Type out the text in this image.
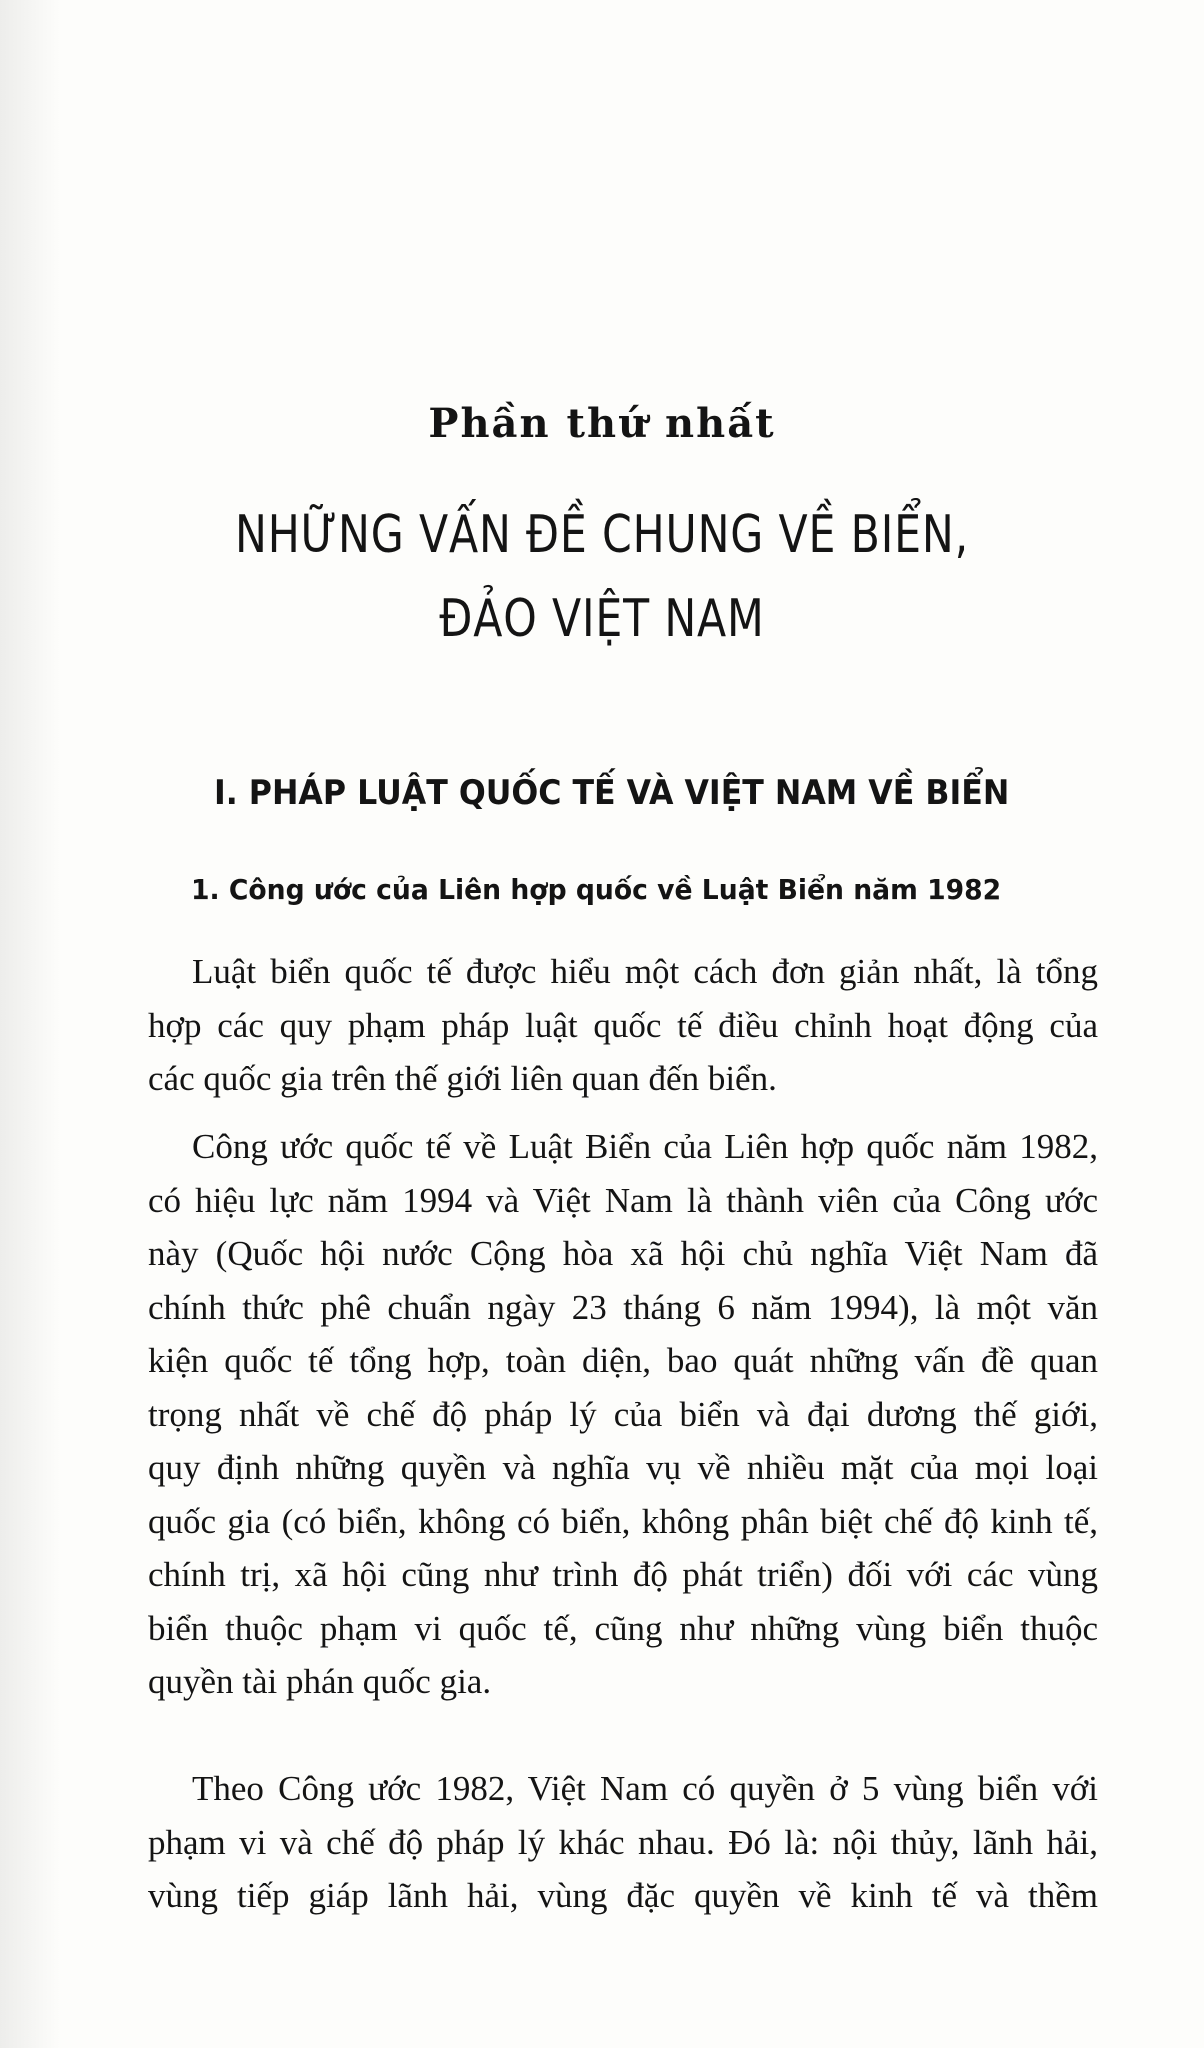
Phần thứ nhất
NHỮNG VẤN ĐỀ CHUNG VỀ BIỂN,
ĐẢO VIỆT NAM
I. PHÁP LUẬT QUỐC TẾ VÀ VIỆT NAM VỀ BIỂN
1. Công ước của Liên hợp quốc về Luật Biển năm 1982

Luật biển quốc tế được hiểu một cách đơn giản nhất, là tổng
hợp các quy phạm pháp luật quốc tế điều chỉnh hoạt động của
các quốc gia trên thế giới liên quan đến biển.

Công ước quốc tế về Luật Biển của Liên hợp quốc năm 1982,
có hiệu lực năm 1994 và Việt Nam là thành viên của Công ước
này (Quốc hội nước Cộng hòa xã hội chủ nghĩa Việt Nam đã
chính thức phê chuẩn ngày 23 tháng 6 năm 1994), là một văn
kiện quốc tế tổng hợp, toàn diện, bao quát những vấn đề quan
trọng nhất về chế độ pháp lý của biển và đại dương thế giới,
quy định những quyền và nghĩa vụ về nhiều mặt của mọi loại
quốc gia (có biển, không có biển, không phân biệt chế độ kinh tế,
chính trị, xã hội cũng như trình độ phát triển) đối với các vùng
biển thuộc phạm vi quốc tế, cũng như những vùng biển thuộc
quyền tài phán quốc gia.

Theo Công ước 1982, Việt Nam có quyền ở 5 vùng biển với
phạm vi và chế độ pháp lý khác nhau. Đó là: nội thủy, lãnh hải,
vùng tiếp giáp lãnh hải, vùng đặc quyền về kinh tế và thềm
